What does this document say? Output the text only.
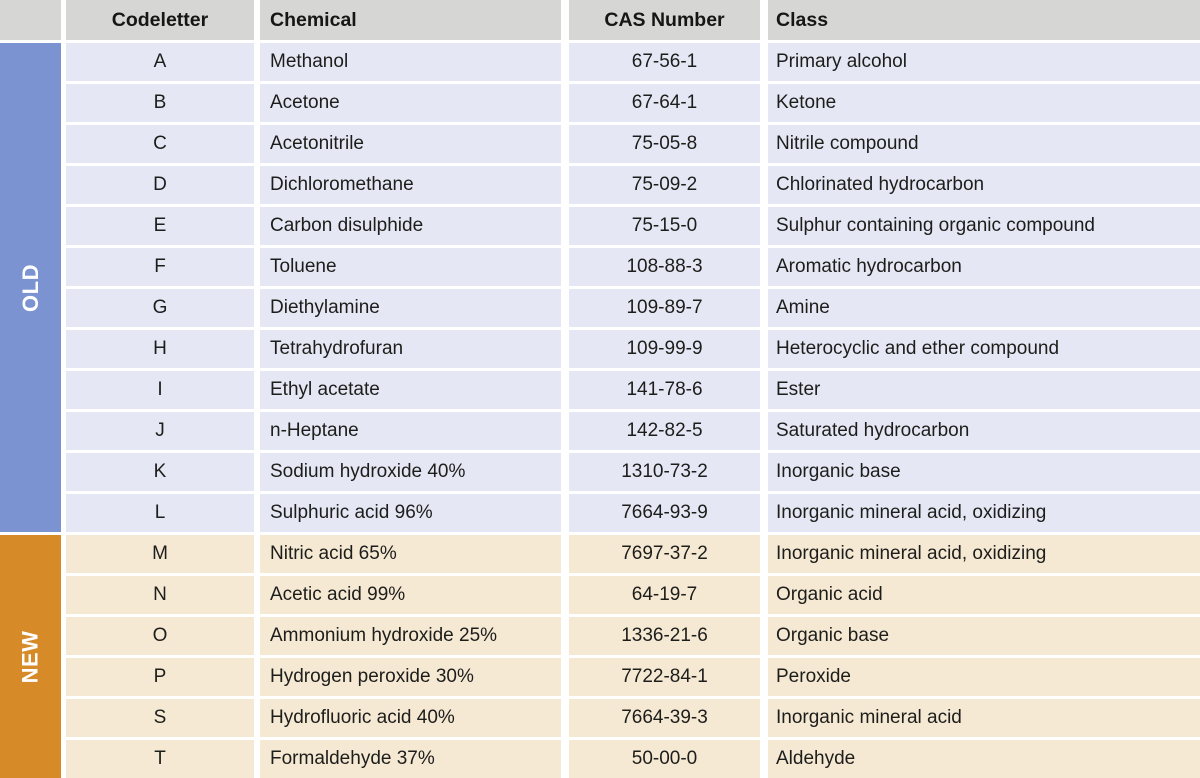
Codeletter	Chemical	CAS Number	Class
OLD
A	Methanol	67-56-1	Primary alcohol
B	Acetone	67-64-1	Ketone
C	Acetonitrile	75-05-8	Nitrile compound
D	Dichloromethane	75-09-2	Chlorinated hydrocarbon
E	Carbon disulphide	75-15-0	Sulphur containing organic compound
F	Toluene	108-88-3	Aromatic hydrocarbon
G	Diethylamine	109-89-7	Amine
H	Tetrahydrofuran	109-99-9	Heterocyclic and ether compound
I	Ethyl acetate	141-78-6	Ester
J	n-Heptane	142-82-5	Saturated hydrocarbon
K	Sodium hydroxide 40%	1310-73-2	Inorganic base
L	Sulphuric acid 96%	7664-93-9	Inorganic mineral acid, oxidizing
NEW
M	Nitric acid 65%	7697-37-2	Inorganic mineral acid, oxidizing
N	Acetic acid 99%	64-19-7	Organic acid
O	Ammonium hydroxide 25%	1336-21-6	Organic base
P	Hydrogen peroxide 30%	7722-84-1	Peroxide
S	Hydrofluoric acid 40%	7664-39-3	Inorganic mineral acid
T	Formaldehyde 37%	50-00-0	Aldehyde
